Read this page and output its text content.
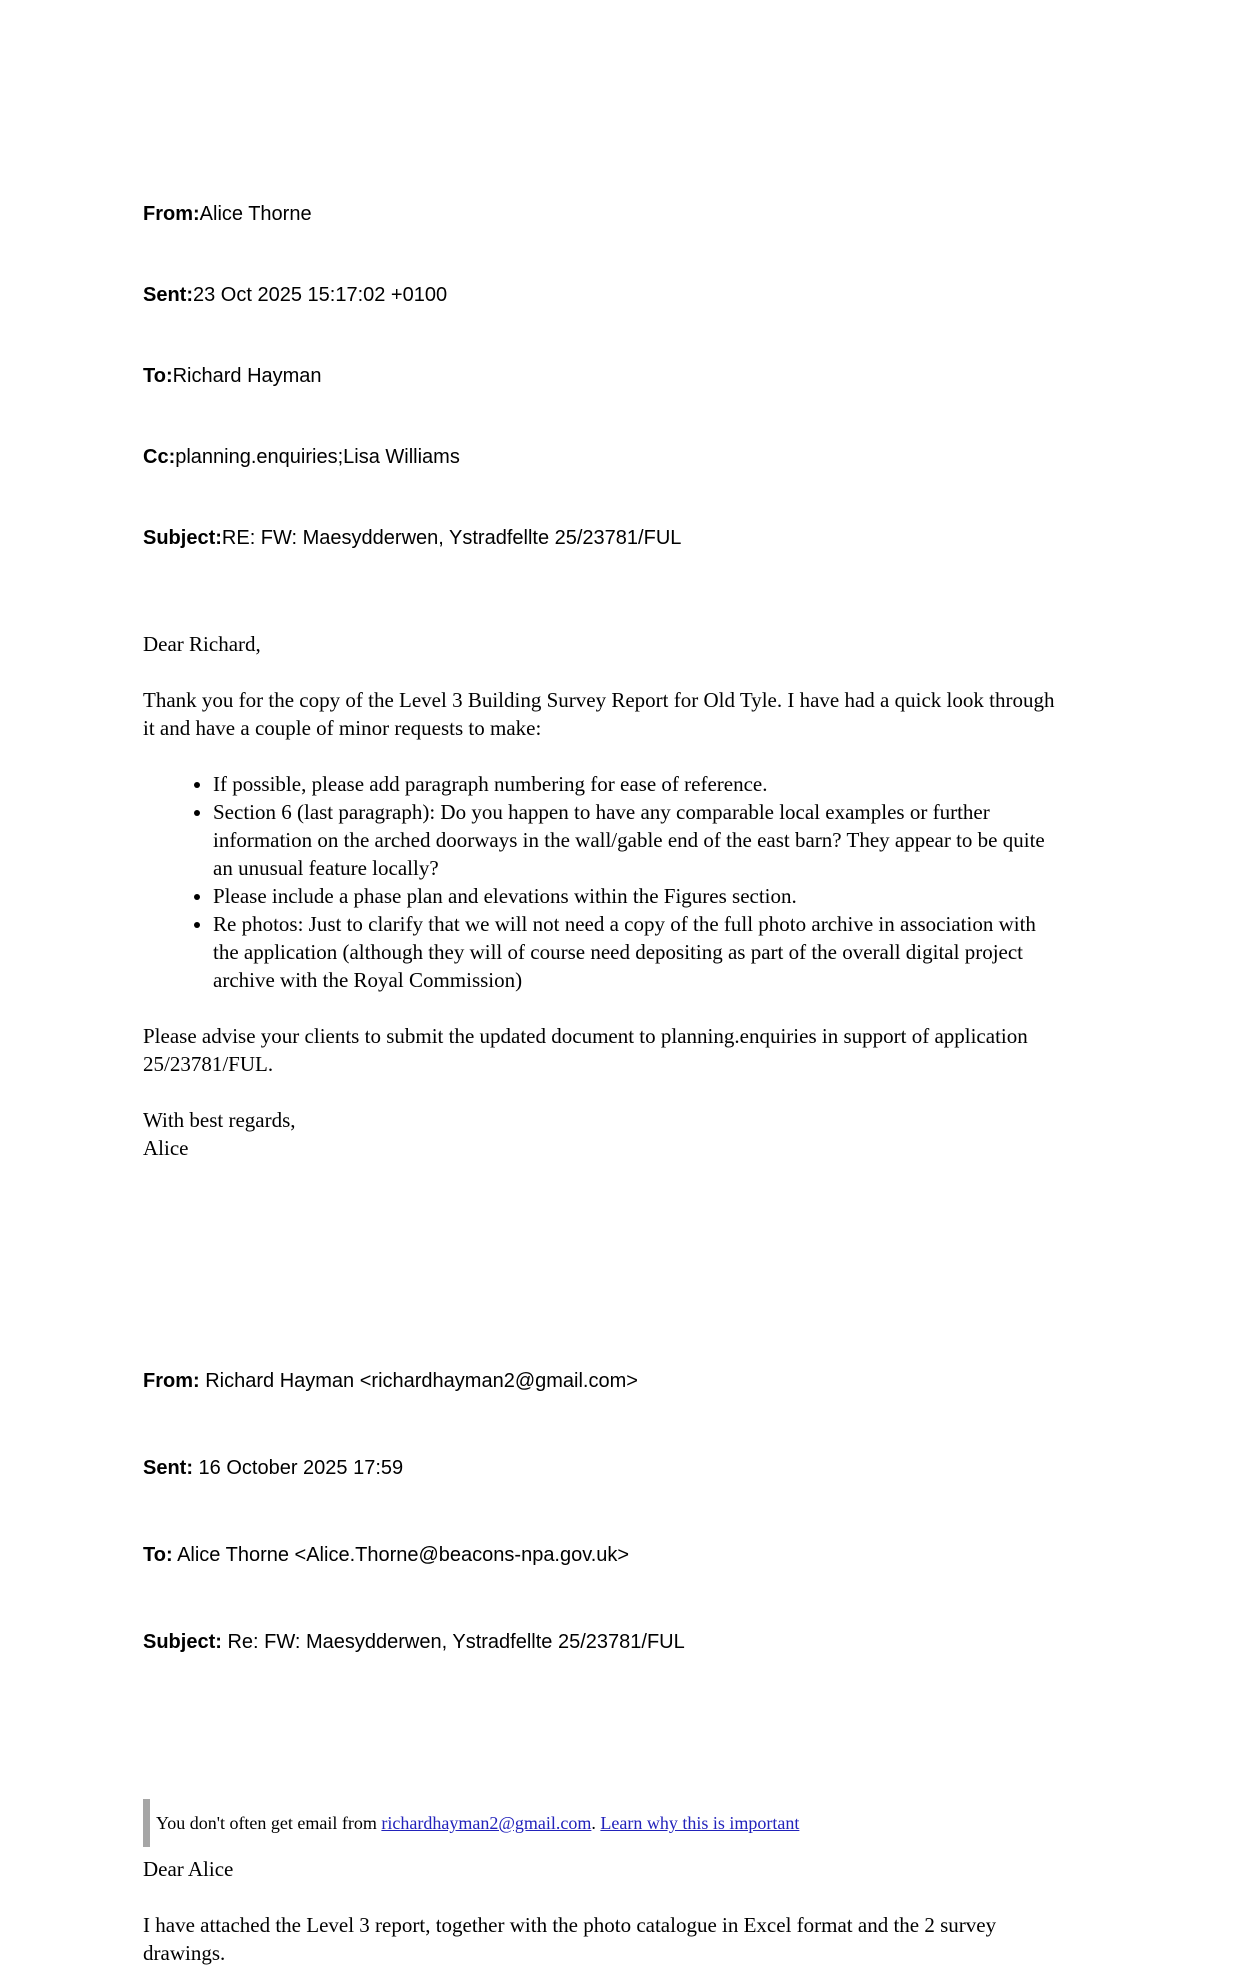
From:Alice Thorne

Sent:23 Oct 2025 15:17:02 +0100

To:Richard Hayman

Cc:planning.enquiries;Lisa Williams

Subject:RE: FW: Maesydderwen, Ystradfellte 25/23781/FUL

Dear Richard,

Thank you for the copy of the Level 3 Building Survey Report for Old Tyle. I have had a quick look through it and have a couple of minor requests to make:

• If possible, please add paragraph numbering for ease of reference.
• Section 6 (last paragraph): Do you happen to have any comparable local examples or further information on the arched doorways in the wall/gable end of the east barn? They appear to be quite an unusual feature locally?
• Please include a phase plan and elevations within the Figures section.
• Re photos: Just to clarify that we will not need a copy of the full photo archive in association with the application (although they will of course need depositing as part of the overall digital project archive with the Royal Commission)

Please advise your clients to submit the updated document to planning.enquiries in support of application 25/23781/FUL.

With best regards,
Alice

From: Richard Hayman <richardhayman2@gmail.com>

Sent: 16 October 2025 17:59

To: Alice Thorne <Alice.Thorne@beacons-npa.gov.uk>

Subject: Re: FW: Maesydderwen, Ystradfellte 25/23781/FUL

You don't often get email from richardhayman2@gmail.com. Learn why this is important
Dear Alice

I have attached the Level 3 report, together with the photo catalogue in Excel format and the 2 survey drawings.
